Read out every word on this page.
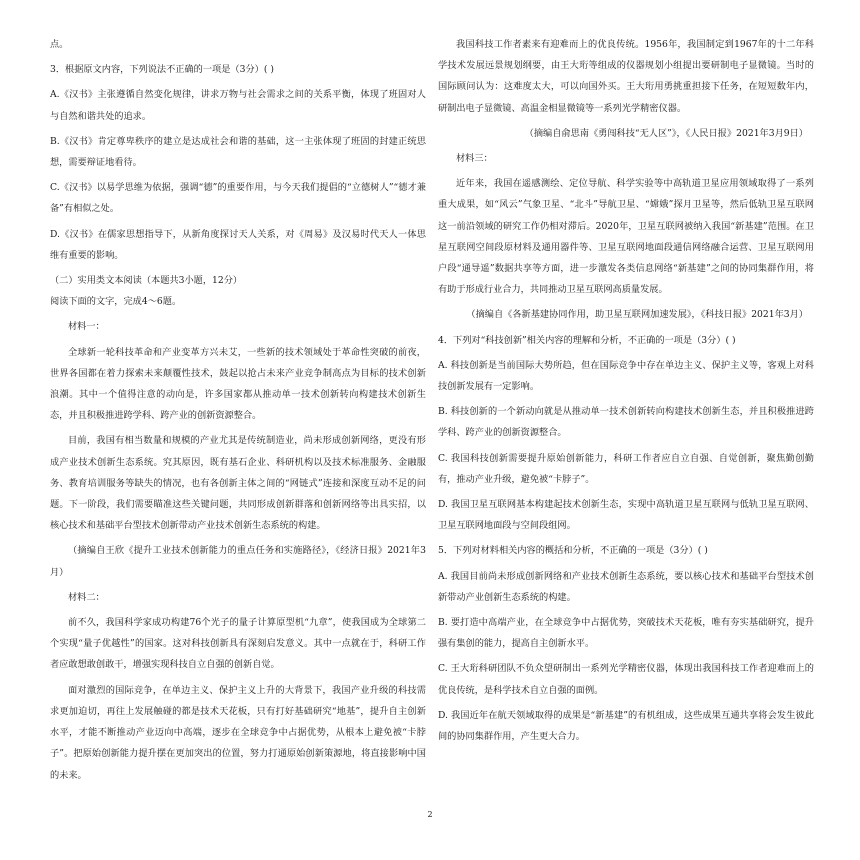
点。

3．根据原文内容，下列说法不正确的一项是（3分）( )

A.《汉书》主张遵循自然变化规律，讲求万物与社会需求之间的关系平衡，体现了班固对人与自然和谐共处的追求。

B.《汉书》肯定尊卑秩序的建立是达成社会和谐的基础，这一主张体现了班固的封建正统思想，需要辩证地看待。

C.《汉书》以易学思维为依据，强调“德”的重要作用，与今天我们提倡的“立德树人”“德才兼备”有相似之处。

D.《汉书》在儒家思想指导下，从新角度探讨天人关系，对《周易》及汉易时代天人一体思维有重要的影响。

（二）实用类文本阅读（本题共3小题，12分）

阅读下面的文字，完成4～6题。

材料一：

全球新一轮科技革命和产业变革方兴未艾，一些新的技术领域处于革命性突破的前夜，世界各国都在着力探索未来颠覆性技术，鼓起以抢占未来产业竞争制高点为目标的技术创新浪潮。其中一个值得注意的动向是，许多国家都从推动单一技术创新转向构建技术创新生态，并且积极推进跨学科、跨产业的创新资源整合。

目前，我国有相当数量和规模的产业尤其是传统制造业，尚未形成创新网络，更没有形成产业技术创新生态系统。究其原因，既有基石企业、科研机构以及技术标准服务、金融服务、教育培训服务等缺失的情况，也有各创新主体之间的“网链式”连接和深度互动不足的问题。下一阶段，我们需要瞄准这些关键问题，共同形成创新群落和创新网络等出具实招，以核心技术和基础平台型技术创新带动产业技术创新生态系统的构建。

（摘编自王欣《提升工业技术创新能力的重点任务和实施路径》，《经济日报》2021年3月）

材料二：

前不久，我国科学家成功构建76个光子的量子计算原型机“九章”，使我国成为全球第二个实现“量子优越性”的国家。这对科技创新具有深刻启发意义。其中一点就在于，科研工作者应敢想敢创敢干，增强实现科技自立自强的创新自觉。

面对激烈的国际竞争，在单边主义、保护主义上升的大背景下，我国产业升级的科技需求更加迫切，再往上发展触碰的都是技术天花板，只有打好基础研究“地基”，提升自主创新水平，才能不断推动产业迈向中高端，逐步在全球竞争中占据优势，从根本上避免被“卡脖子”。把原始创新能力提升摆在更加突出的位置，努力打通原始创新策源地，将直接影响中国的未来。

我国科技工作者素来有迎难而上的优良传统。1956年，我国制定到1967年的十二年科学技术发展远景规划纲要，由王大珩等组成的仪器规划小组提出要研制电子显微镜。当时的国际顾问认为：这难度太大，可以向国外买。王大珩用勇挑重担接下任务，在短短数年内，研制出电子显微镜、高温金相显微镜等一系列光学精密仪器。

（摘编自俞思南《勇闯科技“无人区”》，《人民日报》2021年3月9日）

材料三：

近年来，我国在遥感测绘、定位导航、科学实验等中高轨道卫星应用领域取得了一系列重大成果，如“风云”气象卫星、“北斗”导航卫星、“嫦娥”探月卫星等，然后低轨卫星互联网这一前沿领域的研究工作仍相对滞后。2020年，卫星互联网被纳入我国“新基建”范围。在卫星互联网空间段原材料及通用器件等、卫星互联网地面段通信网络融合运营、卫星互联网用户段“通导遥”数据共享等方面，进一步激发各类信息网络“新基建”之间的协同集群作用，将有助于形成行业合力，共同推动卫星互联网高质量发展。

（摘编自《各新基建协同作用，助卫星互联网加速发展》，《科技日报》2021年3月）

4．下列对“科技创新”相关内容的理解和分析，不正确的一项是（3分）( )

A. 科技创新是当前国际大势所趋，但在国际竞争中存在单边主义、保护主义等，客观上对科技创新发展有一定影响。

B. 科技创新的一个新动向就是从推动单一技术创新转向构建技术创新生态，并且积极推进跨学科、跨产业的创新资源整合。

C. 我国科技创新需要提升原始创新能力，科研工作者应自立自强、自觉创新，聚焦勤创勤有，推动产业升级，避免被“卡脖子”。

D. 我国卫星互联网基本构建起技术创新生态，实现中高轨道卫星互联网与低轨卫星互联网、卫星互联网地面段与空间段组网。

5．下列对材料相关内容的概括和分析，不正确的一项是（3分）( )

A. 我国目前尚未形成创新网络和产业技术创新生态系统，要以核心技术和基础平台型技术创新带动产业创新生态系统的构建。

B. 要打造中高端产业，在全球竞争中占据优势，突破技术天花板，唯有夯实基础研究，提升强有集创的能力，提高自主创新水平。

C. 王大珩科研团队不负众望研制出一系列光学精密仪器，体现出我国科技工作者迎难而上的优良传统，是科学技术自立自强的面例。

D. 我国近年在航天领域取得的成果是“新基建”的有机组成，这些成果互通共享将会发生彼此间的协同集群作用，产生更大合力。

2
